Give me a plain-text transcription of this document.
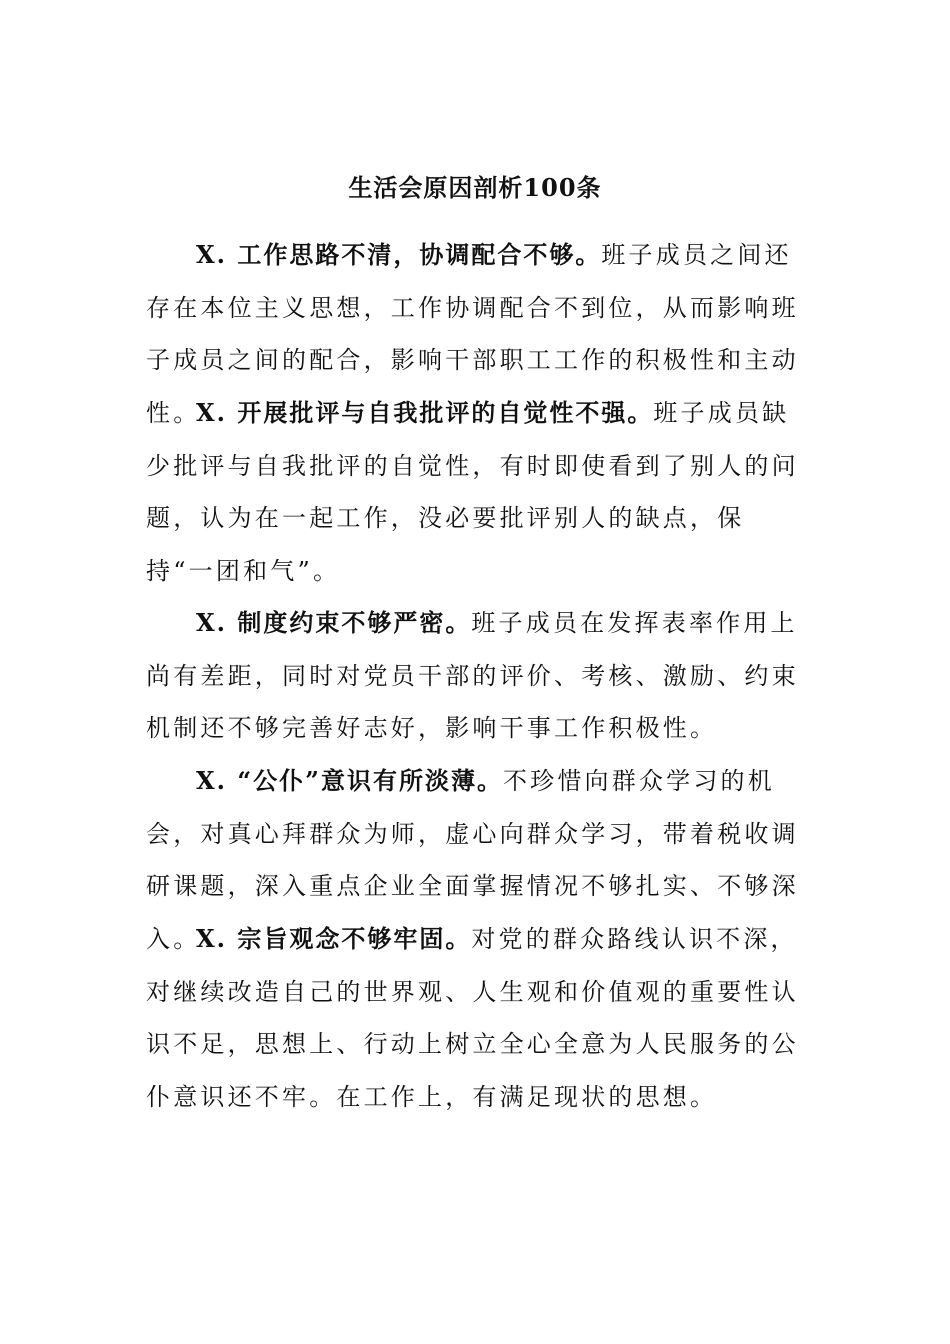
生活会原因剖析100条

X. 工作思路不清，协调配合不够。班子成员之间还存在本位主义思想，工作协调配合不到位，从而影响班子成员之间的配合，影响干部职工工作的积极性和主动性。

X. 开展批评与自我批评的自觉性不强。班子成员缺少批评与自我批评的自觉性，有时即使看到了别人的问题，认为在一起工作，没必要批评别人的缺点，保持“一团和气”。

X. 制度约束不够严密。班子成员在发挥表率作用上尚有差距，同时对党员干部的评价、考核、激励、约束机制还不够完善好志好，影响干事工作积极性。

X. “公仆”意识有所淡薄。不珍惜向群众学习的机会，对真心拜群众为师，虚心向群众学习，带着税收调研课题，深入重点企业全面掌握情况不够扎实、不够深入。

X. 宗旨观念不够牢固。对党的群众路线认识不深，对继续改造自己的世界观、人生观和价值观的重要性认识不足，思想上、行动上树立全心全意为人民服务的公仆意识还不牢。在工作上，有满足现状的思想。
